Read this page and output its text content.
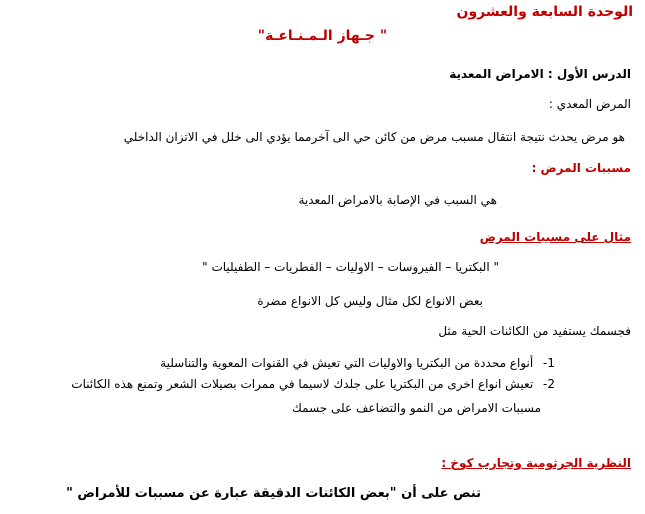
الوحدة السابعة والعشرون
" جـهاز الـمـنـاعـة"
الدرس الأول : الامراض المعدية
المرض المعدي :
هو مرض يحدث نتيجة انتقال مسبب مرض من كائن حي الى آخرمما يؤدي الى خلل في الاتزان الداخلي
مسببات المرض :
هي السبب في الإصابة بالامراض المعدية
مثال على مسببات المرض
" البكتريا – الفيروسات – الاوليات – الفطريات – الطفيليات "
بعض الانواع لكل مثال وليس كل الانواع مضرة
فجسمك يستفيد من الكائنات الحية مثل
1- أنواع محددة من البكتريا والاوليات التي تعيش في القنوات المعوية والتناسلية
2- تعيش انواع اخرى من البكتريا على جلدك لاسيما في ممرات بصيلات الشعر وتمنع هذه الكائنات
مسببات الامراض من النمو والتضاعف على جسمك
النظرية الجرثومية وتجارب كوخ :
تنص على أن "بعض الكائنات الدقيقة عبارة عن مسببات للأمراض "
